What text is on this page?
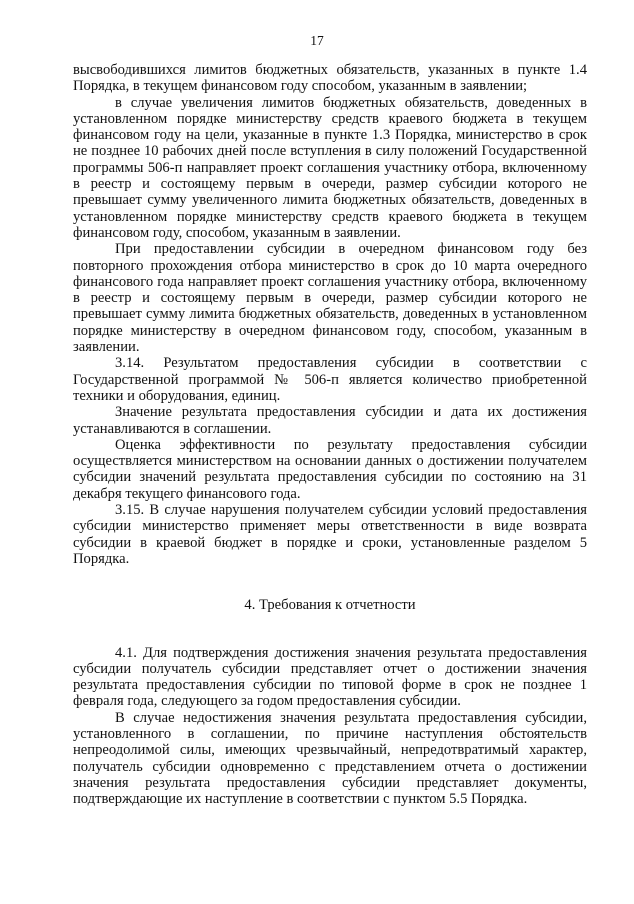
17

высвободившихся лимитов бюджетных обязательств, указанных в пункте 1.4 Порядка, в текущем финансовом году способом, указанным в заявлении;

в случае увеличения лимитов бюджетных обязательств, доведенных в установленном порядке министерству средств краевого бюджета в текущем финансовом году на цели, указанные в пункте 1.3 Порядка, министерство в срок не позднее 10 рабочих дней после вступления в силу положений Государственной программы 506-п направляет проект соглашения участнику отбора, включенному в реестр и состоящему первым в очереди, размер субсидии которого не превышает сумму увеличенного лимита бюджетных обязательств, доведенных в установленном порядке министерству средств краевого бюджета в текущем финансовом году, способом, указанным в заявлении.

При предоставлении субсидии в очередном финансовом году без повторного прохождения отбора министерство в срок до 10 марта очередного финансового года направляет проект соглашения участнику отбора, включенному в реестр и состоящему первым в очереди, размер субсидии которого не превышает сумму лимита бюджетных обязательств, доведенных в установленном порядке министерству в очередном финансовом году, способом, указанным в заявлении.

3.14. Результатом предоставления субсидии в соответствии с Государственной программой № 506-п является количество приобретенной техники и оборудования, единиц.

Значение результата предоставления субсидии и дата их достижения устанавливаются в соглашении.

Оценка эффективности по результату предоставления субсидии осуществляется министерством на основании данных о достижении получателем субсидии значений результата предоставления субсидии по состоянию на 31 декабря текущего финансового года.

3.15. В случае нарушения получателем субсидии условий предоставления субсидии министерство применяет меры ответственности в виде возврата субсидии в краевой бюджет в порядке и сроки, установленные разделом 5 Порядка.

4. Требования к отчетности

4.1. Для подтверждения достижения значения результата предоставления субсидии получатель субсидии представляет отчет о достижении значения результата предоставления субсидии по типовой форме в срок не позднее 1 февраля года, следующего за годом предоставления субсидии.

В случае недостижения значения результата предоставления субсидии, установленного в соглашении, по причине наступления обстоятельств непреодолимой силы, имеющих чрезвычайный, непредотвратимый характер, получатель субсидии одновременно с представлением отчета о достижении значения результата предоставления субсидии представляет документы, подтверждающие их наступление в соответствии с пунктом 5.5 Порядка.
